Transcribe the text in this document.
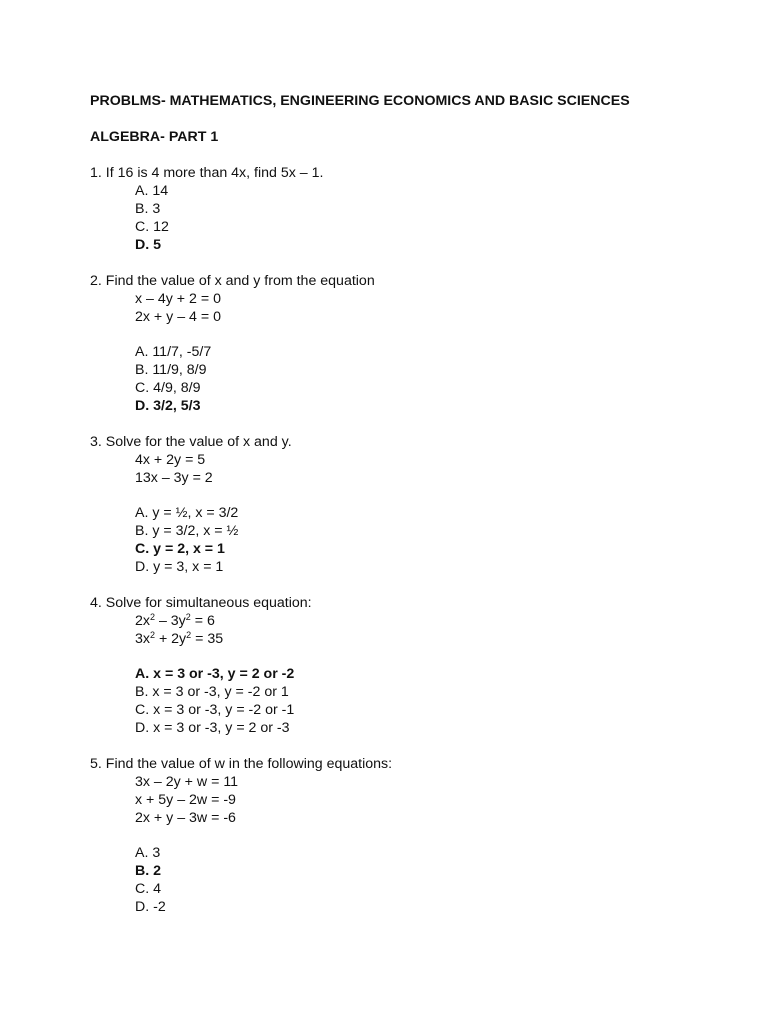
PROBLMS- MATHEMATICS, ENGINEERING ECONOMICS AND BASIC SCIENCES
ALGEBRA- PART 1
1. If 16 is 4 more than 4x, find 5x – 1.
A. 14
B. 3
C. 12
D. 5
2. Find the value of x and y from the equation
x – 4y + 2 = 0
2x + y – 4 = 0
A. 11/7, -5/7
B. 11/9, 8/9
C. 4/9, 8/9
D. 3/2, 5/3
3. Solve for the value of x and y.
4x + 2y = 5
13x – 3y = 2
A. y = ½, x = 3/2
B. y = 3/2, x = ½
C. y = 2, x = 1
D. y = 3, x = 1
4. Solve for simultaneous equation:
$2x^2 - 3y^2 = 6$
$3x^2 + 2y^2 = 35$
A. x = 3 or -3, y = 2 or -2
B. x = 3 or -3, y = -2 or 1
C. x = 3 or -3, y = -2 or -1
D. x = 3 or -3, y = 2 or -3
5. Find the value of w in the following equations:
3x – 2y + w = 11
x + 5y – 2w = -9
2x + y – 3w = -6
A. 3
B. 2
C. 4
D. -2
